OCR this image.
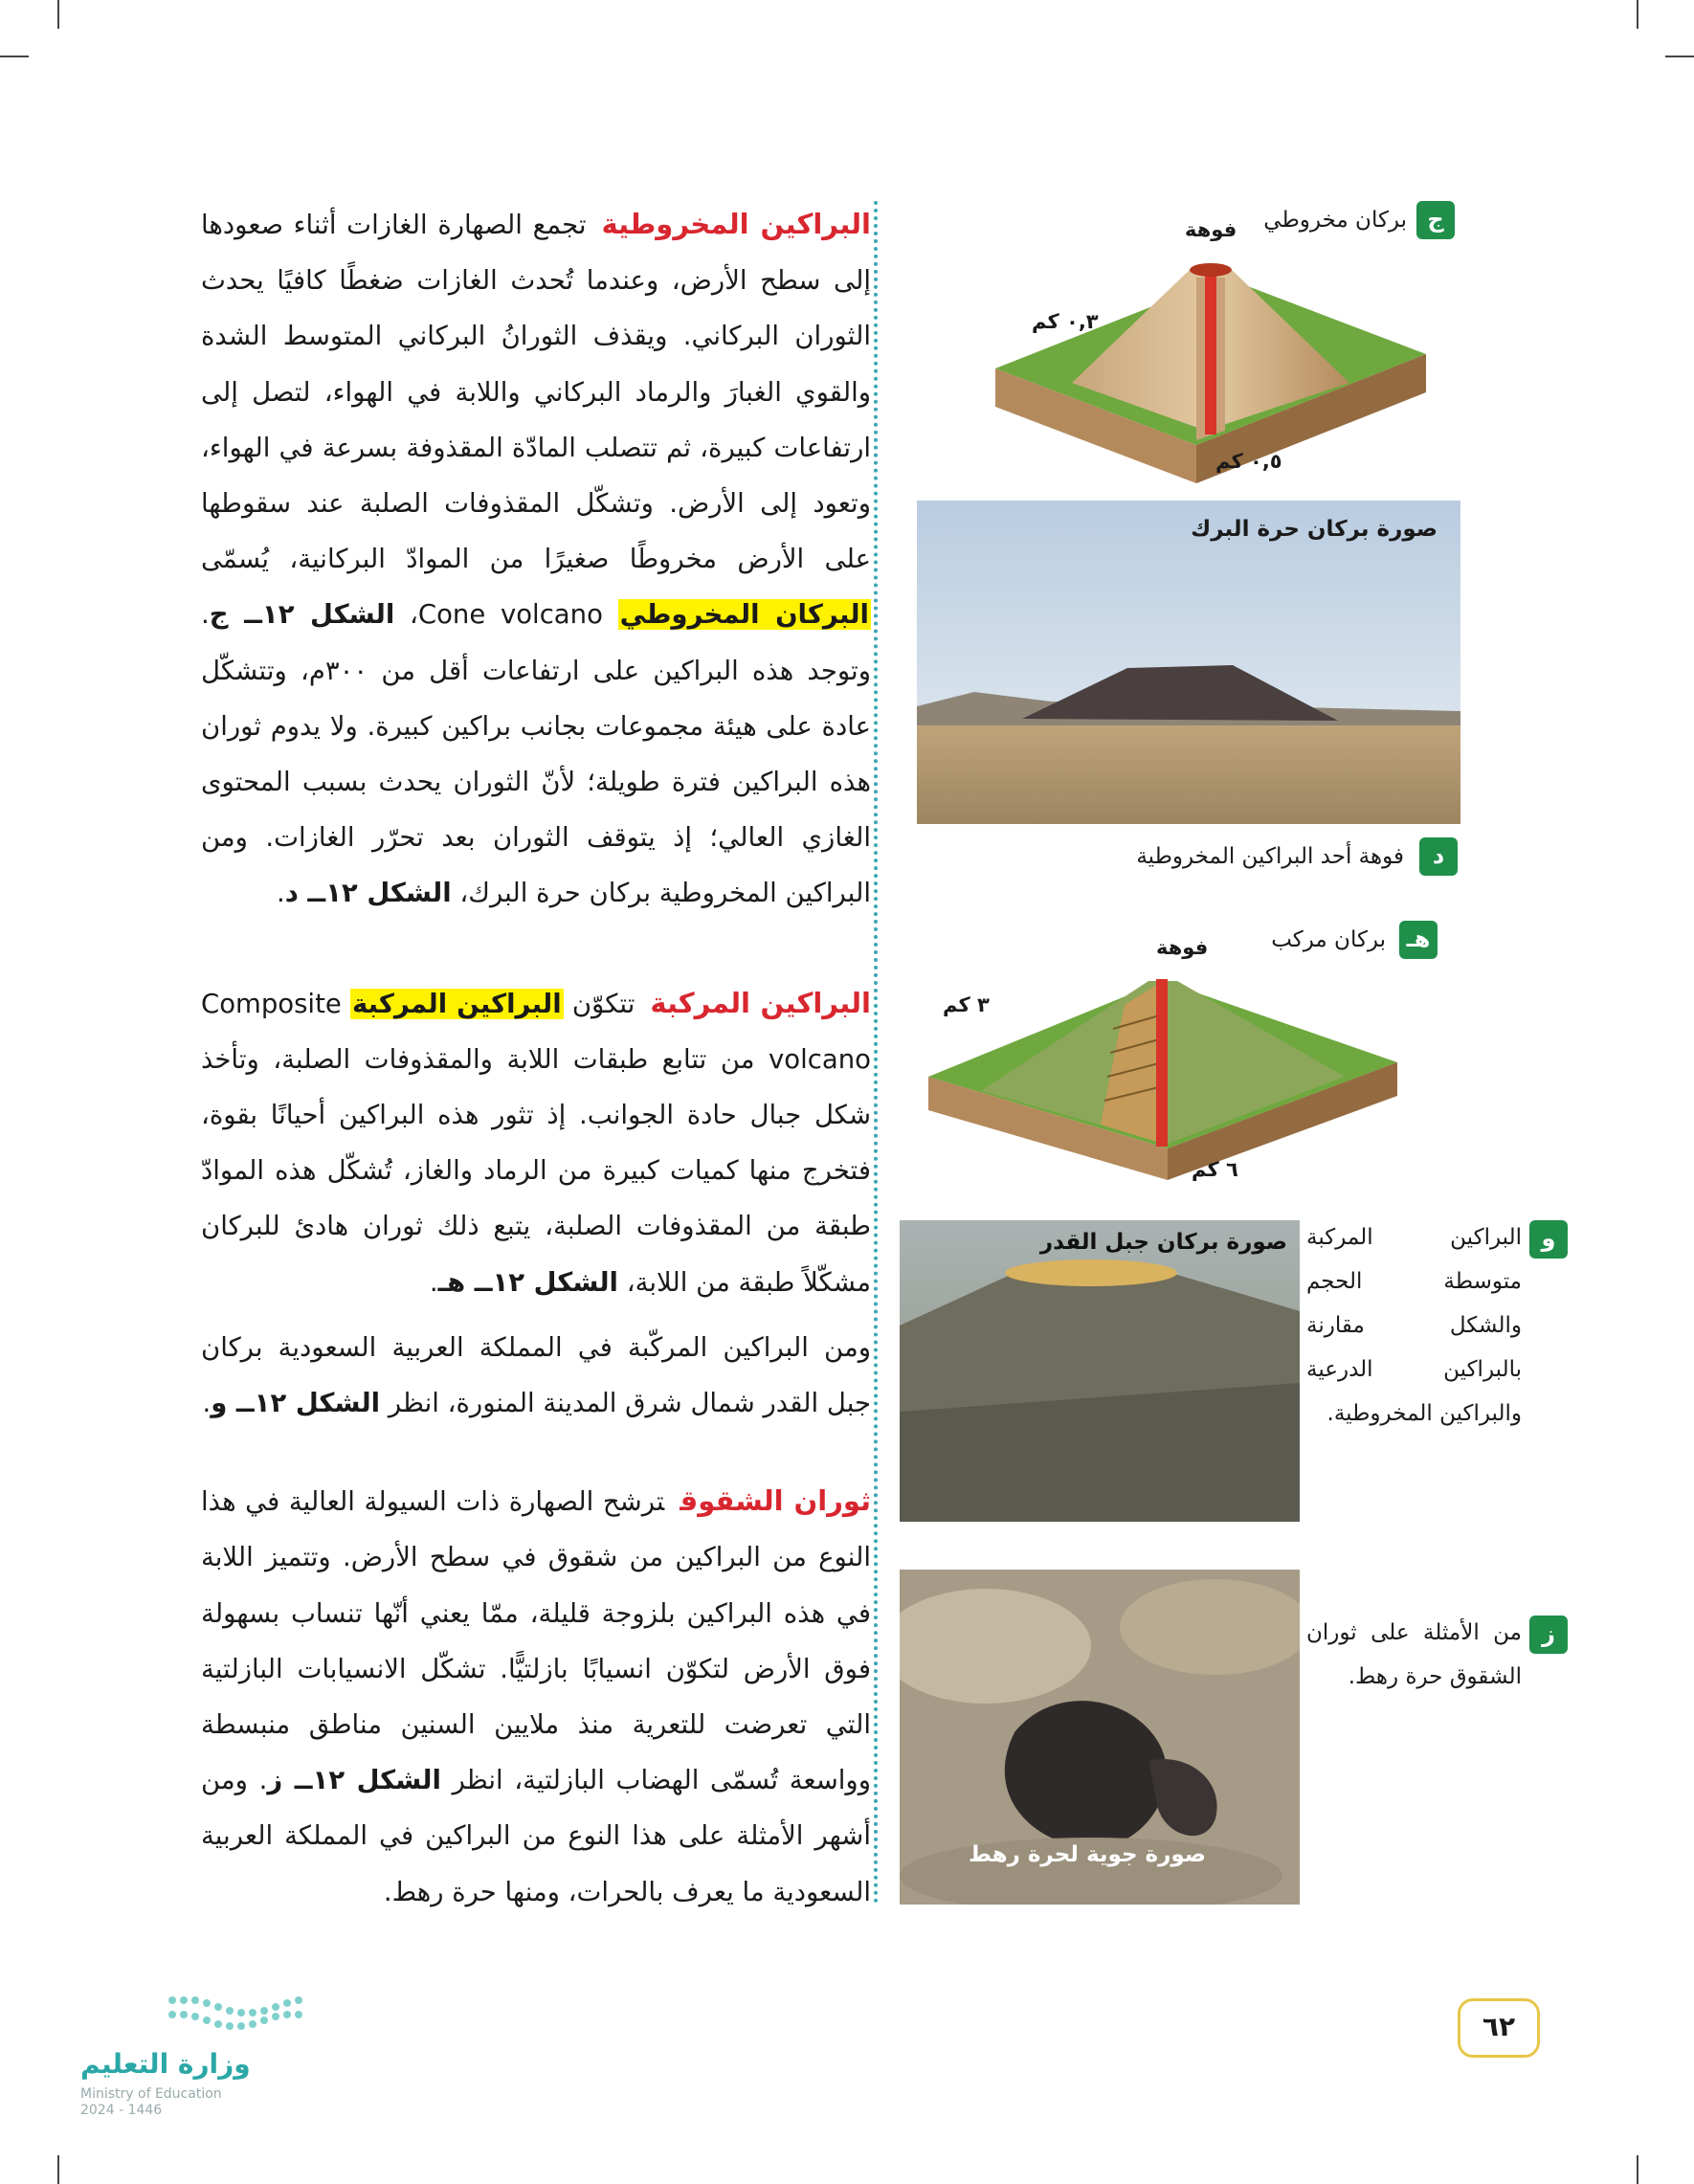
البراكين المخروطيةتجمع الصهارة الغازات أثناء صعودها إلى سطح الأرض، وعندما تُحدث الغازات ضغطًا كافيًا يحدث الثوران البركاني. ويقذف الثورانُ البركاني المتوسط الشدة والقوي الغبارَ والرماد البركاني واللابة في الهواء، لتصل إلى ارتفاعات كبيرة، ثم تتصلب المادّة المقذوفة بسرعة في الهواء، وتعود إلى الأرض. وتشكّل المقذوفات الصلبة عند سقوطها على الأرض مخروطًا صغيرًا من الموادّ البركانية، يُسمّى البركان المخروطي Cone volcano، الشكل ١٢ــ ج. وتوجد هذه البراكين على ارتفاعات أقل من ٣٠٠م، وتتشكّل عادة على هيئة مجموعات بجانب براكين كبيرة. ولا يدوم ثوران هذه البراكين فترة طويلة؛ لأنّ الثوران يحدث بسبب المحتوى الغازي العالي؛ إذ يتوقف الثوران بعد تحرّر الغازات. ومن البراكين المخروطية بركان حرة البرك، الشكل ١٢ــ د.

البراكين المركبةتتكوّن البراكين المركبة Composite volcano من تتابع طبقات اللابة والمقذوفات الصلبة، وتأخذ شكل جبال حادة الجوانب. إذ تثور هذه البراكين أحيانًا بقوة، فتخرج منها كميات كبيرة من الرماد والغاز، تُشكّل هذه الموادّ طبقة من المقذوفات الصلبة، يتبع ذلك ثوران هادئ للبركان مشكّلاً طبقة من اللابة، الشكل ١٢ــ هـ.

ومن البراكين المركّبة في المملكة العربية السعودية بركان جبل القدر شمال شرق المدينة المنورة، انظر الشكل ١٢ــ و.

ثوران الشقوقترشح الصهارة ذات السيولة العالية في هذا النوع من البراكين من شقوق في سطح الأرض. وتتميز اللابة في هذه البراكين بلزوجة قليلة، ممّا يعني أنّها تنساب بسهولة فوق الأرض لتكوّن انسيابًا بازلتيًّا. تشكّل الانسيابات البازلتية التي تعرضت للتعرية منذ ملايين السنين مناطق منبسطة وواسعة تُسمّى الهضاب البازلتية، انظر الشكل ١٢ــ ز. ومن أشهر الأمثلة على هذا النوع من البراكين في المملكة العربية السعودية ما يعرف بالحرات، ومنها حرة رهط.

ج
بركان مخروطي
فوهة
٠,٣ كم
٠,٥ كم
صورة بركان حرة البرك
د
فوهة أحد البراكين المخروطية
هـ
بركان مركب
فوهة
٣ كم
٦ كم
صورة بركان جبل القدر	و
البراكين المركبة متوسطة الحجم والشكل مقارنة بالبراكين الدرعية والبراكين المخروطية.
صورة جوية لحرة رهط
ز
من الأمثلة على ثوران الشقوق حرة رهط.
وزارة التعليم
Ministry of Education
2024 - 1446
٦٢
